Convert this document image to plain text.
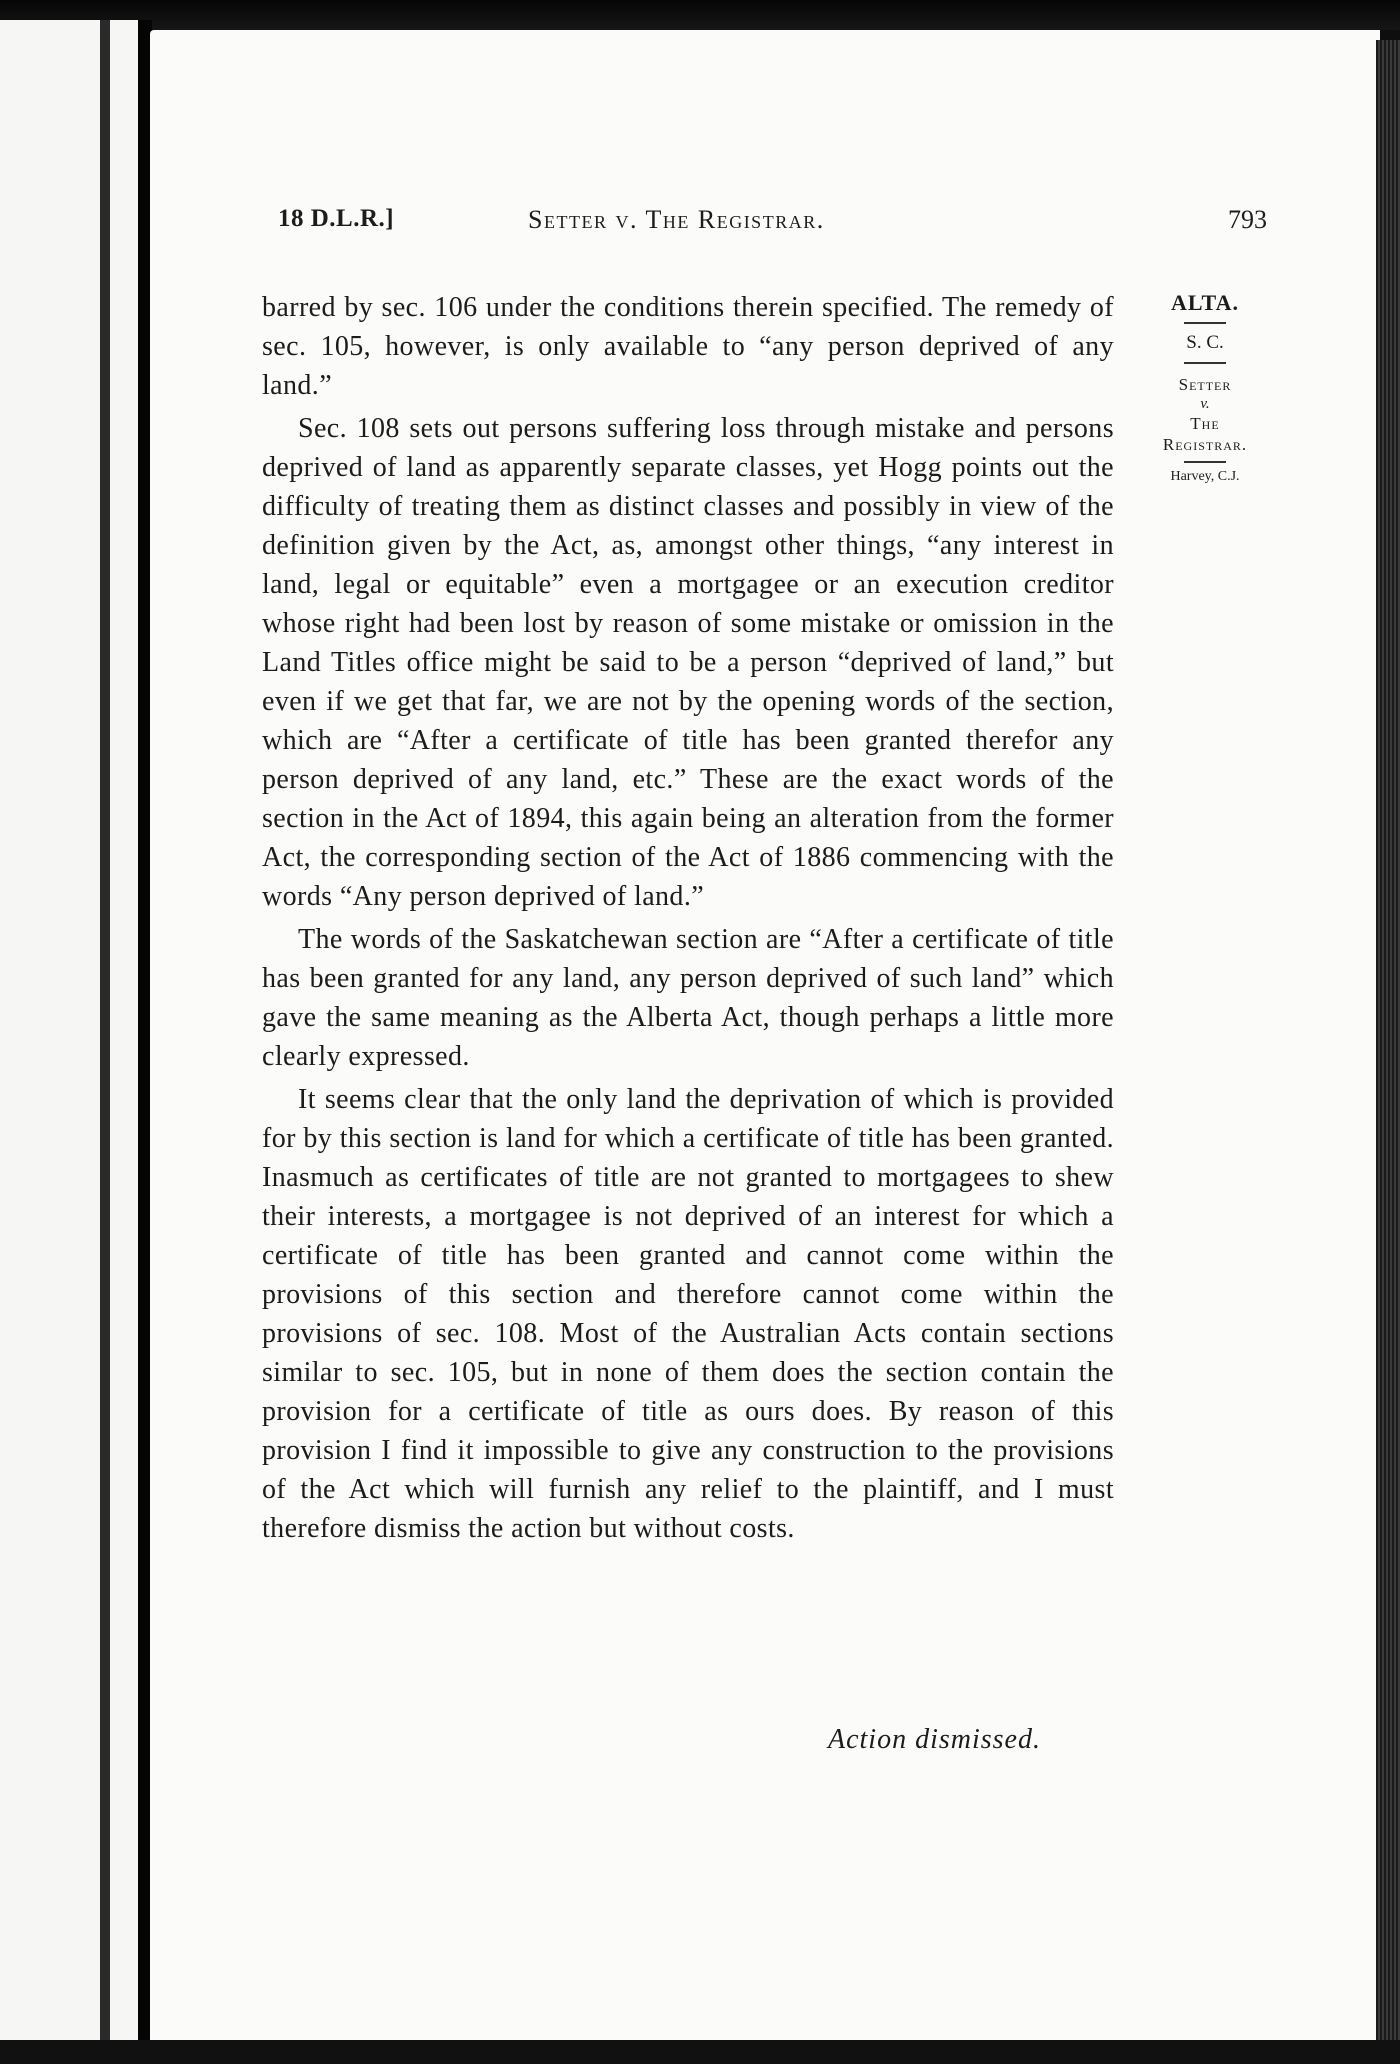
18 D.L.R.]	Setter v. The Registrar.	793
ALTA.
S. C.
Setter
v.
The
Registrar.
Harvey, C.J.

barred by sec. 106 under the conditions therein specified. The remedy of sec. 105, however, is only available to “any person deprived of any land.”

Sec. 108 sets out persons suffering loss through mistake and persons deprived of land as apparently separate classes, yet Hogg points out the difficulty of treating them as distinct classes and possibly in view of the definition given by the Act, as, amongst other things, “any interest in land, legal or equitable” even a mortgagee or an execution creditor whose right had been lost by reason of some mistake or omission in the Land Titles office might be said to be a person “deprived of land,” but even if we get that far, we are not by the opening words of the section, which are “After a certificate of title has been granted therefor any person deprived of any land, etc.” These are the exact words of the section in the Act of 1894, this again being an alteration from the former Act, the corresponding section of the Act of 1886 commencing with the words “Any person deprived of land.”

The words of the Saskatchewan section are “After a certificate of title has been granted for any land, any person deprived of such land” which gave the same meaning as the Alberta Act, though perhaps a little more clearly expressed.

It seems clear that the only land the deprivation of which is provided for by this section is land for which a certificate of title has been granted. Inasmuch as certificates of title are not granted to mortgagees to shew their interests, a mortgagee is not deprived of an interest for which a certificate of title has been granted and cannot come within the provisions of this section and therefore cannot come within the provisions of sec. 108. Most of the Australian Acts contain sections similar to sec. 105, but in none of them does the section contain the provision for a certificate of title as ours does. By reason of this provision I find it impossible to give any construction to the provisions of the Act which will furnish any relief to the plaintiff, and I must therefore dismiss the action but without costs.

Action dismissed.
